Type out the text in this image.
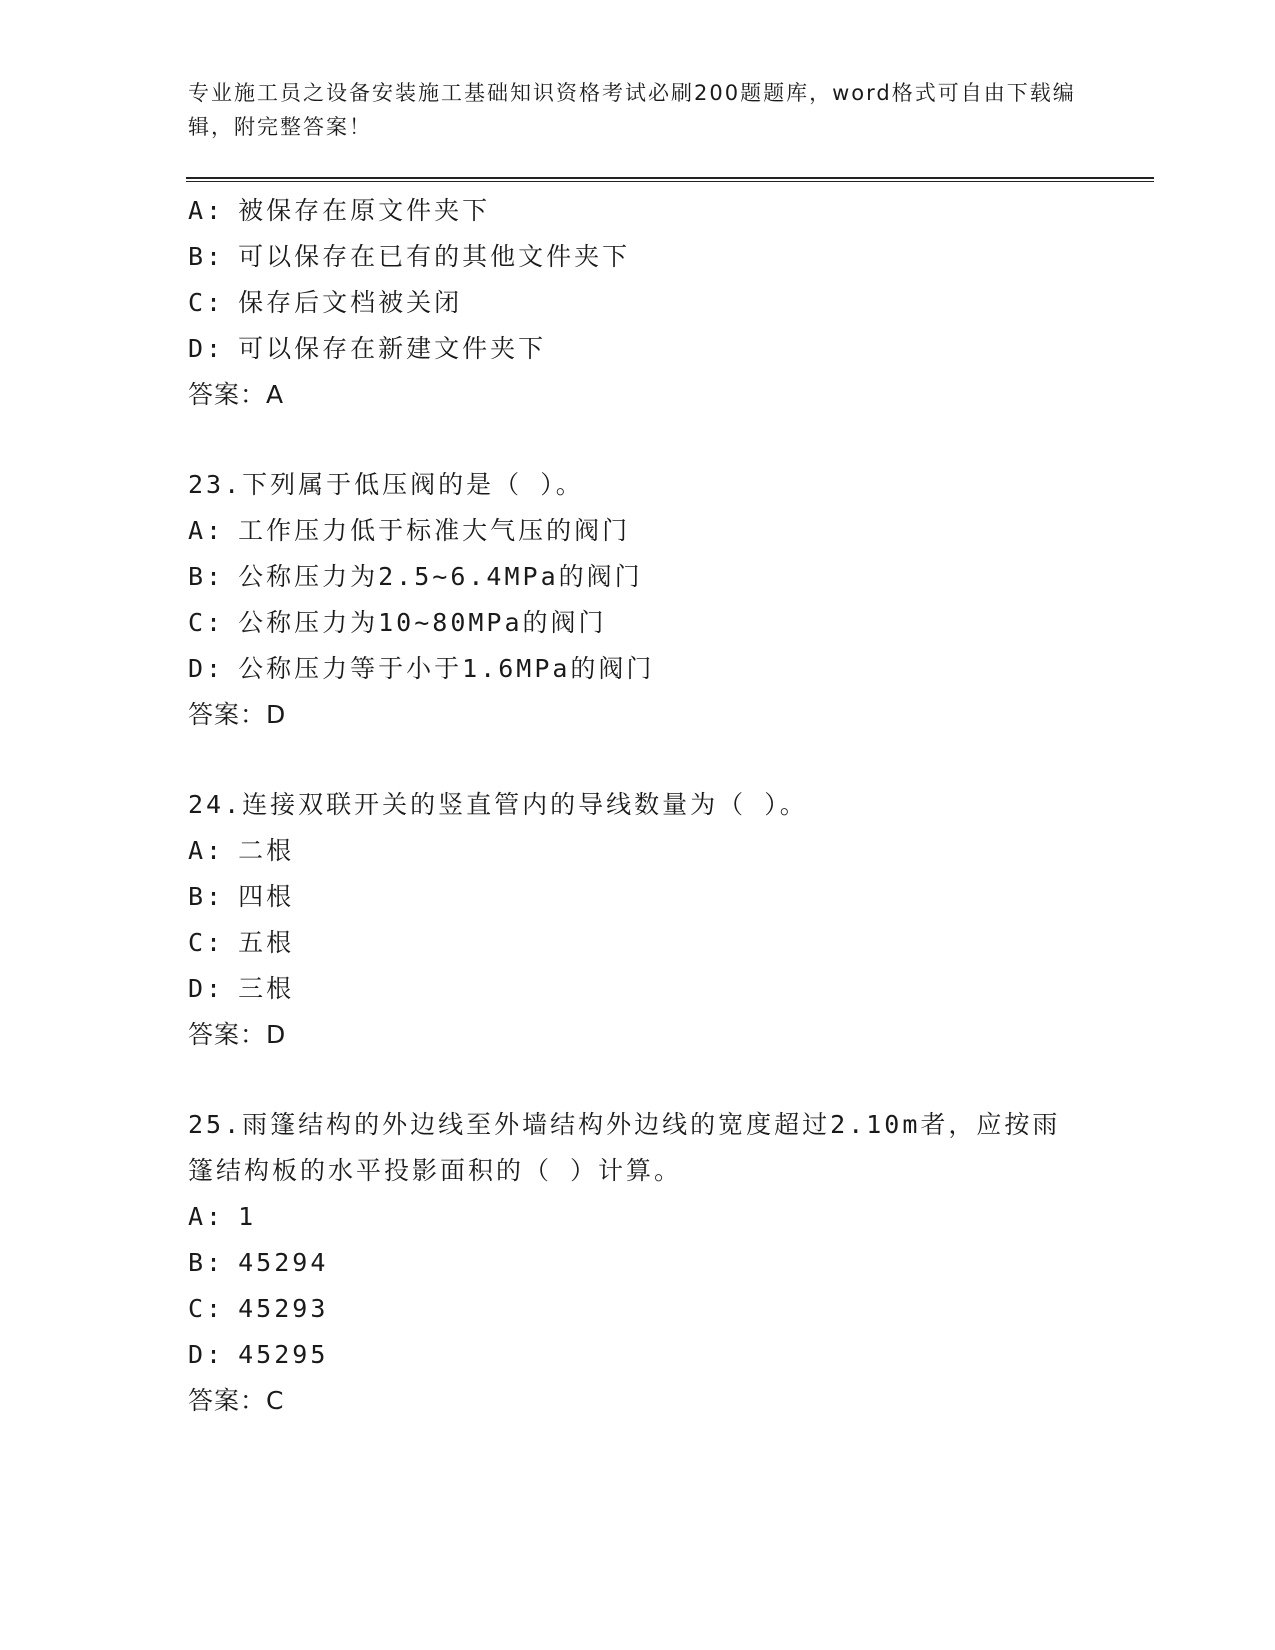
专业施工员之设备安装施工基础知识资格考试必刷200题题库，word格式可自由下载编辑，附完整答案！
A: 被保存在原文件夹下
B: 可以保存在已有的其他文件夹下
C: 保存后文档被关闭
D: 可以保存在新建文件夹下
答案：A
23.下列属于低压阀的是（ ）。
A: 工作压力低于标准大气压的阀门
B: 公称压力为2.5~6.4MPa的阀门
C: 公称压力为10~80MPa的阀门
D: 公称压力等于小于1.6MPa的阀门
答案：D
24.连接双联开关的竖直管内的导线数量为（ ）。
A: 二根
B: 四根
C: 五根
D: 三根
答案：D
25.雨篷结构的外边线至外墙结构外边线的宽度超过2.10m者，应按雨篷结构板的水平投影面积的（ ）计算。
A: 1
B: 45294
C: 45293
D: 45295
答案：C
